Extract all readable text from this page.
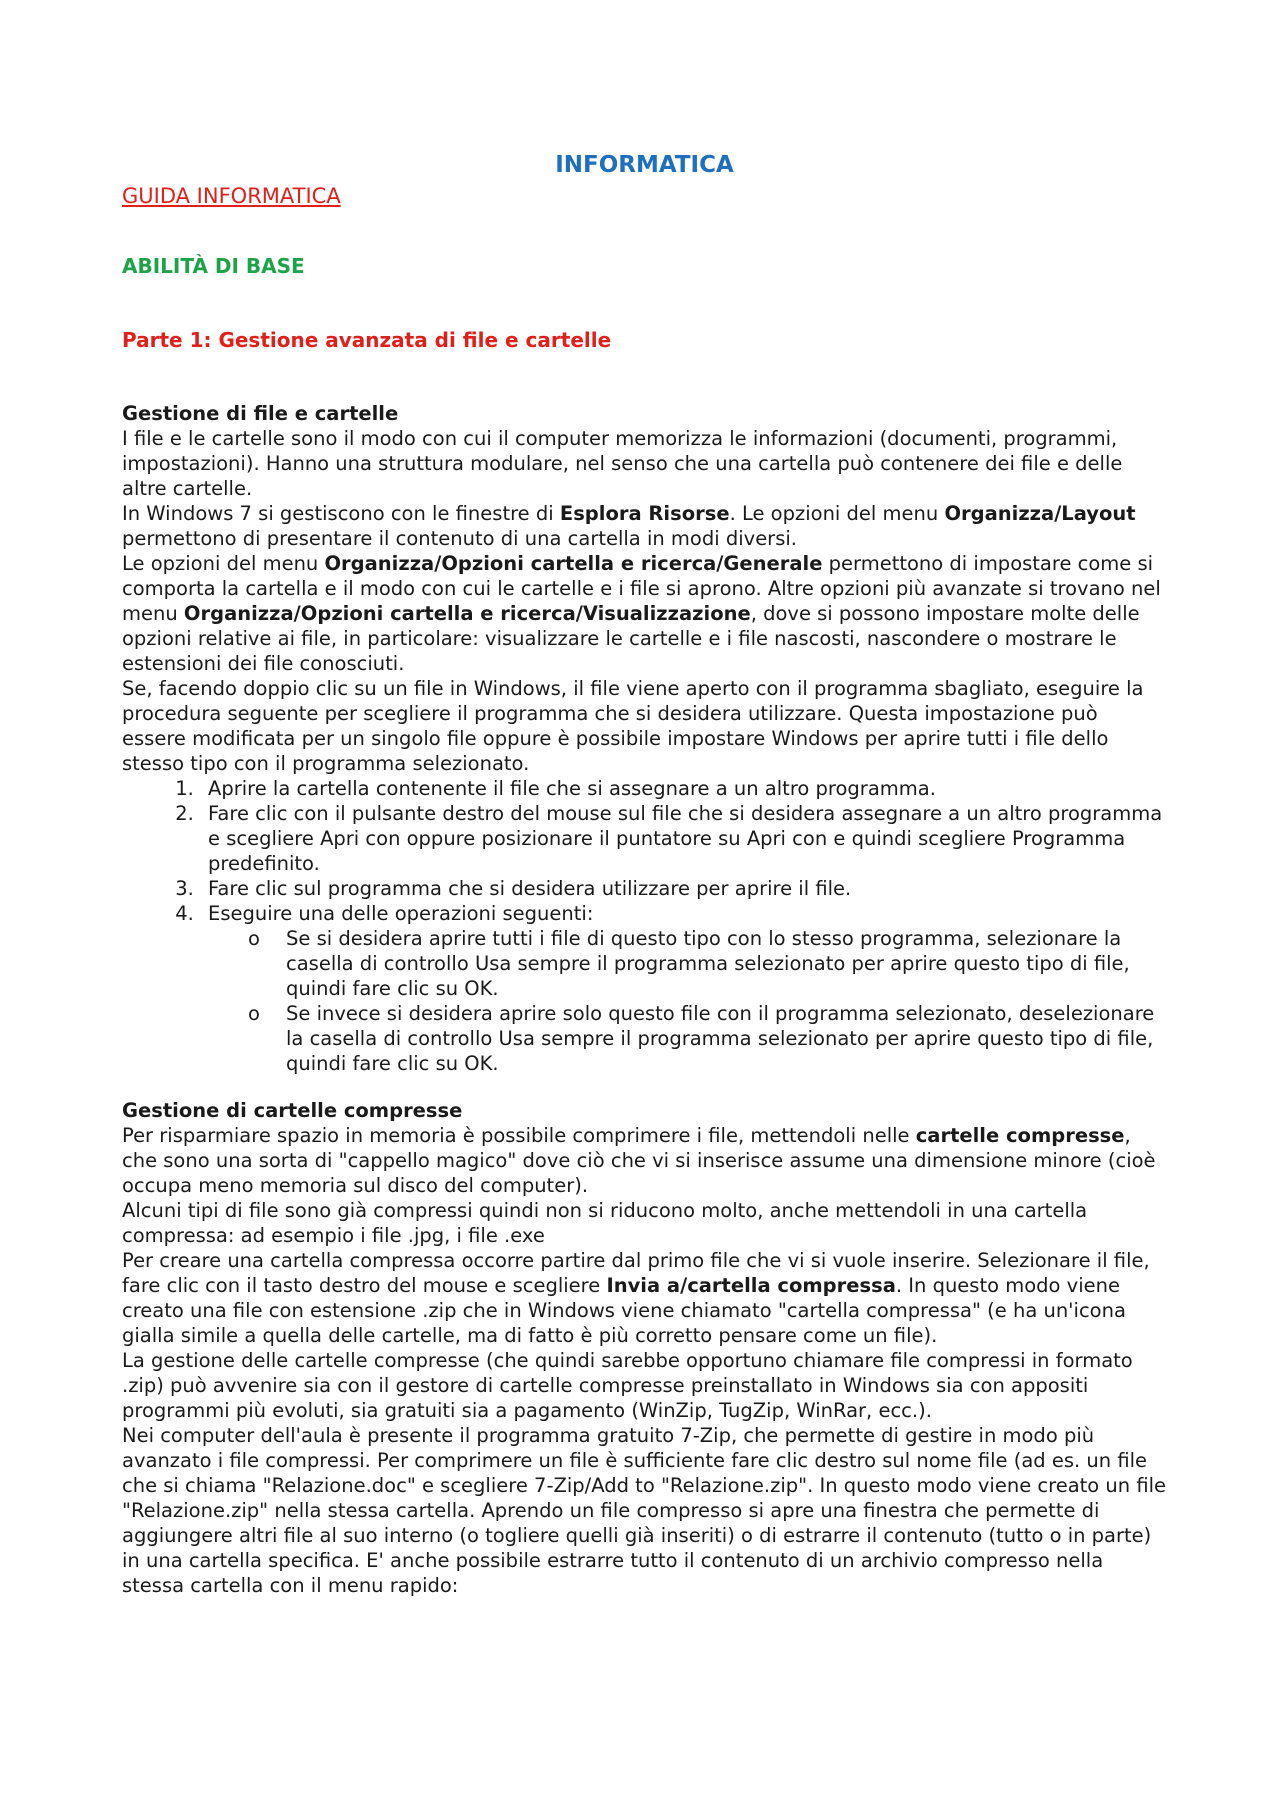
INFORMATICA
GUIDA INFORMATICA
ABILITÀ DI BASE
Parte 1: Gestione avanzata di file e cartelle
Gestione di file e cartelle

I file e le cartelle sono il modo con cui il computer memorizza le informazioni (documenti, programmi, impostazioni). Hanno una struttura modulare, nel senso che una cartella può contenere dei file e delle altre cartelle.

In Windows 7 si gestiscono con le finestre di Esplora Risorse. Le opzioni del menu Organizza/Layout permettono di presentare il contenuto di una cartella in modi diversi.

Le opzioni del menu Organizza/Opzioni cartella e ricerca/Generale permettono di impostare come si comporta la cartella e il modo con cui le cartelle e i file si aprono. Altre opzioni più avanzate si trovano nel menu Organizza/Opzioni cartella e ricerca/Visualizzazione, dove si possono impostare molte delle opzioni relative ai file, in particolare: visualizzare le cartelle e i file nascosti, nascondere o mostrare le estensioni dei file conosciuti.

Se, facendo doppio clic su un file in Windows, il file viene aperto con il programma sbagliato, eseguire la procedura seguente per scegliere il programma che si desidera utilizzare. Questa impostazione può essere modificata per un singolo file oppure è possibile impostare Windows per aprire tutti i file dello stesso tipo con il programma selezionato.

1. Aprire la cartella contenente il file che si assegnare a un altro programma.
2. Fare clic con il pulsante destro del mouse sul file che si desidera assegnare a un altro programma e scegliere Apri con oppure posizionare il puntatore su Apri con e quindi scegliere Programma predefinito.
3. Fare clic sul programma che si desidera utilizzare per aprire il file.
4. Eseguire una delle operazioni seguenti:
o Se si desidera aprire tutti i file di questo tipo con lo stesso programma, selezionare la casella di controllo Usa sempre il programma selezionato per aprire questo tipo di file, quindi fare clic su OK.
o Se invece si desidera aprire solo questo file con il programma selezionato, deselezionare la casella di controllo Usa sempre il programma selezionato per aprire questo tipo di file, quindi fare clic su OK.
Gestione di cartelle compresse

Per risparmiare spazio in memoria è possibile comprimere i file, mettendoli nelle cartelle compresse, che sono una sorta di "cappello magico" dove ciò che vi si inserisce assume una dimensione minore (cioè occupa meno memoria sul disco del computer).

Alcuni tipi di file sono già compressi quindi non si riducono molto, anche mettendoli in una cartella compressa: ad esempio i file .jpg, i file .exe

Per creare una cartella compressa occorre partire dal primo file che vi si vuole inserire. Selezionare il file, fare clic con il tasto destro del mouse e scegliere Invia a/cartella compressa. In questo modo viene creato una file con estensione .zip che in Windows viene chiamato "cartella compressa" (e ha un'icona gialla simile a quella delle cartelle, ma di fatto è più corretto pensare come un file).

La gestione delle cartelle compresse (che quindi sarebbe opportuno chiamare file compressi in formato .zip) può avvenire sia con il gestore di cartelle compresse preinstallato in Windows sia con appositi programmi più evoluti, sia gratuiti sia a pagamento (WinZip, TugZip, WinRar, ecc.).

Nei computer dell'aula è presente il programma gratuito 7-Zip, che permette di gestire in modo più avanzato i file compressi. Per comprimere un file è sufficiente fare clic destro sul nome file (ad es. un file che si chiama "Relazione.doc" e scegliere 7-Zip/Add to "Relazione.zip". In questo modo viene creato un file "Relazione.zip" nella stessa cartella. Aprendo un file compresso si apre una finestra che permette di aggiungere altri file al suo interno (o togliere quelli già inseriti) o di estrarre il contenuto (tutto o in parte) in una cartella specifica. E' anche possibile estrarre tutto il contenuto di un archivio compresso nella stessa cartella con il menu rapido:
